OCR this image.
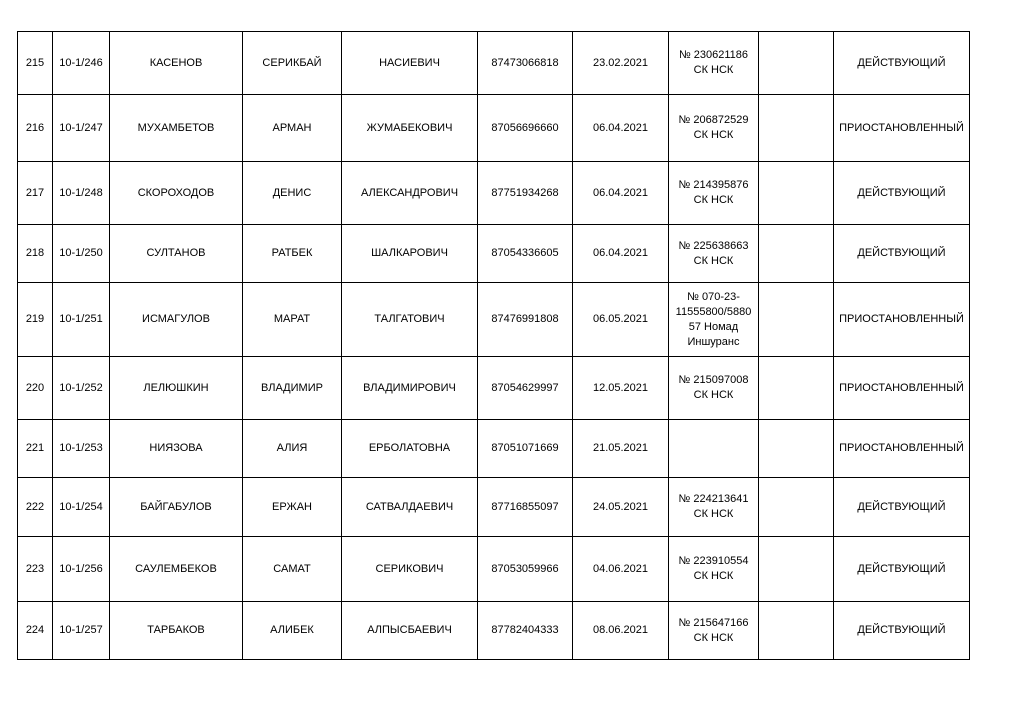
215	10-1/246	КАСЕНОВ	СЕРИКБАЙ	НАСИЕВИЧ	87473066818	23.02.2021	№ 230621186
СК НСК		ДЕЙСТВУЮЩИЙ
216	10-1/247	МУХАМБЕТОВ	АРМАН	ЖУМАБЕКОВИЧ	87056696660	06.04.2021	№ 206872529
СК НСК		ПРИОСТАНОВЛЕННЫЙ
217	10-1/248	СКОРОХОДОВ	ДЕНИС	АЛЕКСАНДРОВИЧ	87751934268	06.04.2021	№ 214395876
СК НСК		ДЕЙСТВУЮЩИЙ
218	10-1/250	СУЛТАНОВ	РАТБЕК	ШАЛКАРОВИЧ	87054336605	06.04.2021	№ 225638663
СК НСК		ДЕЙСТВУЮЩИЙ
219	10-1/251	ИСМАГУЛОВ	МАРАТ	ТАЛГАТОВИЧ	87476991808	06.05.2021	№ 070-23-
11555800/5880
57 Номад
Иншуранс		ПРИОСТАНОВЛЕННЫЙ
220	10-1/252	ЛЕЛЮШКИН	ВЛАДИМИР	ВЛАДИМИРОВИЧ	87054629997	12.05.2021	№ 215097008
СК НСК		ПРИОСТАНОВЛЕННЫЙ
221	10-1/253	НИЯЗОВА	АЛИЯ	ЕРБОЛАТОВНА	87051071669	21.05.2021			ПРИОСТАНОВЛЕННЫЙ
222	10-1/254	БАЙГАБУЛОВ	ЕРЖАН	САТВАЛДАЕВИЧ	87716855097	24.05.2021	№ 224213641
СК НСК		ДЕЙСТВУЮЩИЙ
223	10-1/256	САУЛЕМБЕКОВ	САМАТ	СЕРИКОВИЧ	87053059966	04.06.2021	№ 223910554
СК НСК		ДЕЙСТВУЮЩИЙ
224	10-1/257	ТАРБАКОВ	АЛИБЕК	АЛПЫСБАЕВИЧ	87782404333	08.06.2021	№ 215647166
СК НСК		ДЕЙСТВУЮЩИЙ
